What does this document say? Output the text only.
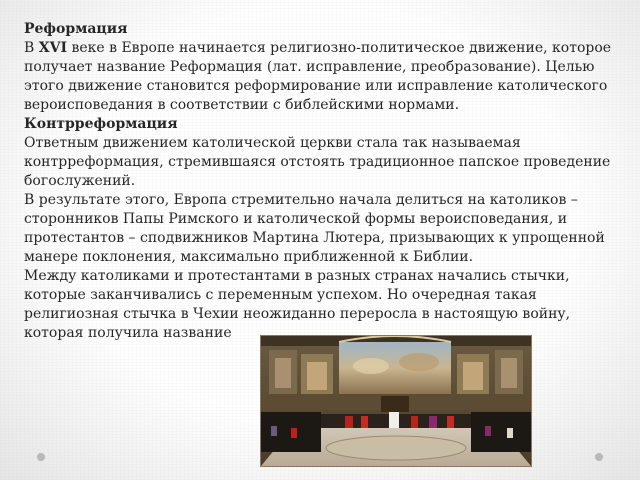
Реформация

В XVI веке в Европе начинается религиозно-политическое движение, которое получает название Реформация (лат. исправление, преобразование). Целью этого движение становится реформирование или исправление католического вероисповедания в соответствии с библейскими нормами.

Контрреформация

Ответным движением католической церкви стала так называемая контрреформация, стремившаяся отстоять традиционное папское проведение богослужений.

В результате этого, Европа стремительно начала делиться на католиков – сторонников Папы Римского и католической формы вероисповедания, и протестантов – сподвижников Мартина Лютера, призывающих к упрощенной манере поклонения, максимально приближенной к Библии.

Между католиками и протестантами в разных странах начались стычки, которые заканчивались с переменным успехом. Но очередная такая религиозная стычка в Чехии неожиданно переросла в настоящую войну, которая получила название
